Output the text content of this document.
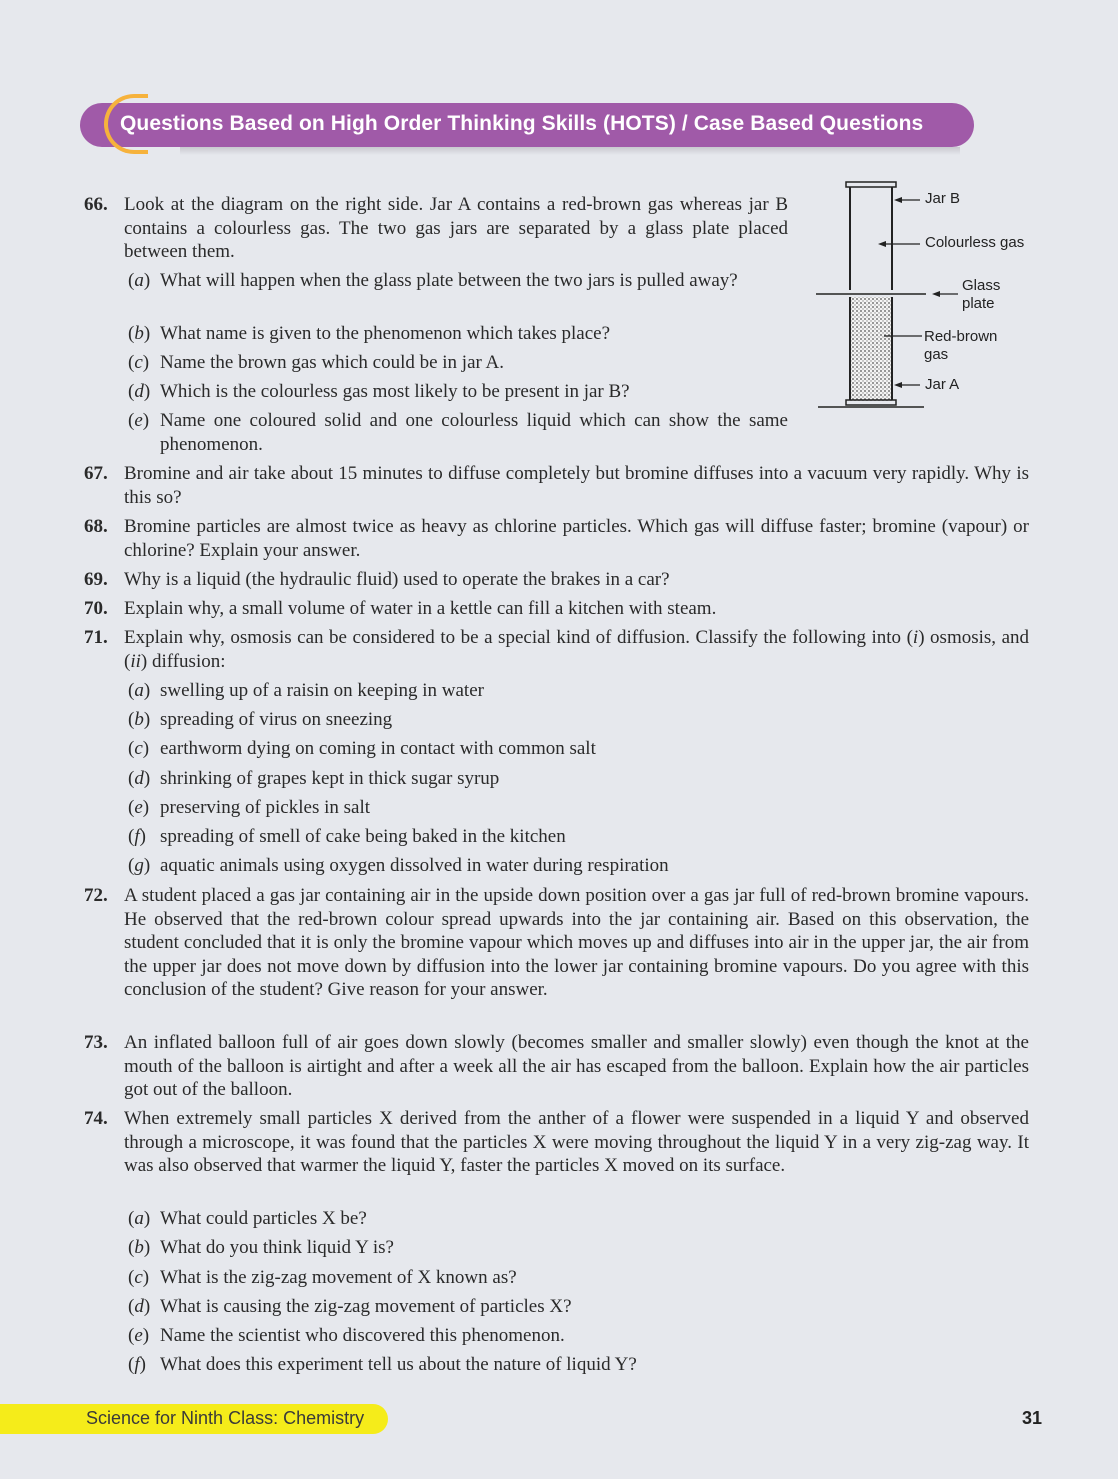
Questions Based on High Order Thinking Skills (HOTS) / Case Based Questions
Jar B
Colourless gas
Glass
plate
Red-brown
gas
Jar A
66. Look at the diagram on the right side. Jar A contains a red-brown gas whereas jar B contains a colourless gas. The two gas jars are separated by a glass plate placed between them.
(a) What will happen when the glass plate between the two jars is pulled away?
(b) What name is given to the phenomenon which takes place?
(c) Name the brown gas which could be in jar A.
(d) Which is the colourless gas most likely to be present in jar B?
(e) Name one coloured solid and one colourless liquid which can show the same phenomenon.
67. Bromine and air take about 15 minutes to diffuse completely but bromine diffuses into a vacuum very rapidly. Why is this so?
68. Bromine particles are almost twice as heavy as chlorine particles. Which gas will diffuse faster; bromine (vapour) or chlorine? Explain your answer.
69. Why is a liquid (the hydraulic fluid) used to operate the brakes in a car?
70. Explain why, a small volume of water in a kettle can fill a kitchen with steam.
71. Explain why, osmosis can be considered to be a special kind of diffusion. Classify the following into (i) osmosis, and (ii) diffusion:
(a) swelling up of a raisin on keeping in water
(b) spreading of virus on sneezing
(c) earthworm dying on coming in contact with common salt
(d) shrinking of grapes kept in thick sugar syrup
(e) preserving of pickles in salt
(f) spreading of smell of cake being baked in the kitchen
(g) aquatic animals using oxygen dissolved in water during respiration
72. A student placed a gas jar containing air in the upside down position over a gas jar full of red-brown bromine vapours. He observed that the red-brown colour spread upwards into the jar containing air. Based on this observation, the student concluded that it is only the bromine vapour which moves up and diffuses into air in the upper jar, the air from the upper jar does not move down by diffusion into the lower jar containing bromine vapours. Do you agree with this conclusion of the student? Give reason for your answer.
73. An inflated balloon full of air goes down slowly (becomes smaller and smaller slowly) even though the knot at the mouth of the balloon is airtight and after a week all the air has escaped from the balloon. Explain how the air particles got out of the balloon.
74. When extremely small particles X derived from the anther of a flower were suspended in a liquid Y and observed through a microscope, it was found that the particles X were moving throughout the liquid Y in a very zig-zag way. It was also observed that warmer the liquid Y, faster the particles X moved on its surface.
(a) What could particles X be?
(b) What do you think liquid Y is?
(c) What is the zig-zag movement of X known as?
(d) What is causing the zig-zag movement of particles X?
(e) Name the scientist who discovered this phenomenon.
(f) What does this experiment tell us about the nature of liquid Y?
Science for Ninth Class: Chemistry	31
